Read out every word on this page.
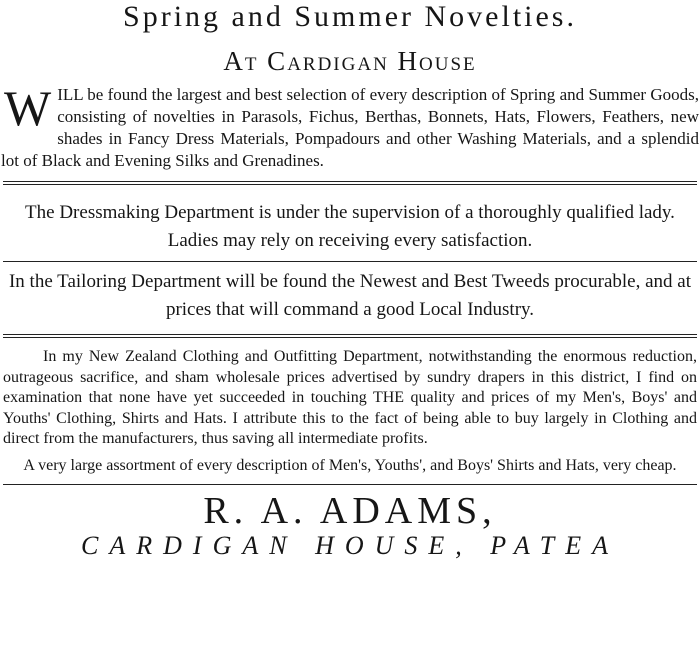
Spring and Summer Novelties.
At Cardigan House
W ILL be found the largest and best selection of every description of Spring and Summer Goods, consisting of novelties in Parasols, Fichus, Berthas, Bonnets, Hats, Flowers, Feathers, new shades in Fancy Dress Materials, Pompadours and other Washing Materials, and a splendid lot of Black and Evening Silks and Grenadines.
The Dressmaking Department is under the supervision of a thoroughly qualified lady. Ladies may rely on receiving every satisfaction.
In the Tailoring Department will be found the Newest and Best Tweeds procurable, and at prices that will command a good Local Industry.
In my New Zealand Clothing and Outfitting Department, notwithstanding the enormous reduction, outrageous sacrifice, and sham wholesale prices advertised by sundry drapers in this district, I find on examination that none have yet succeeded in touching THE quality and prices of my Men's, Boys' and Youths' Clothing, Shirts and Hats. I attribute this to the fact of being able to buy largely in Clothing and direct from the manufacturers, thus saving all intermediate profits.
A very large assortment of every description of Men's, Youths', and Boys' Shirts and Hats, very cheap.
R. A. ADAMS,
CARDIGAN HOUSE, PATEA
